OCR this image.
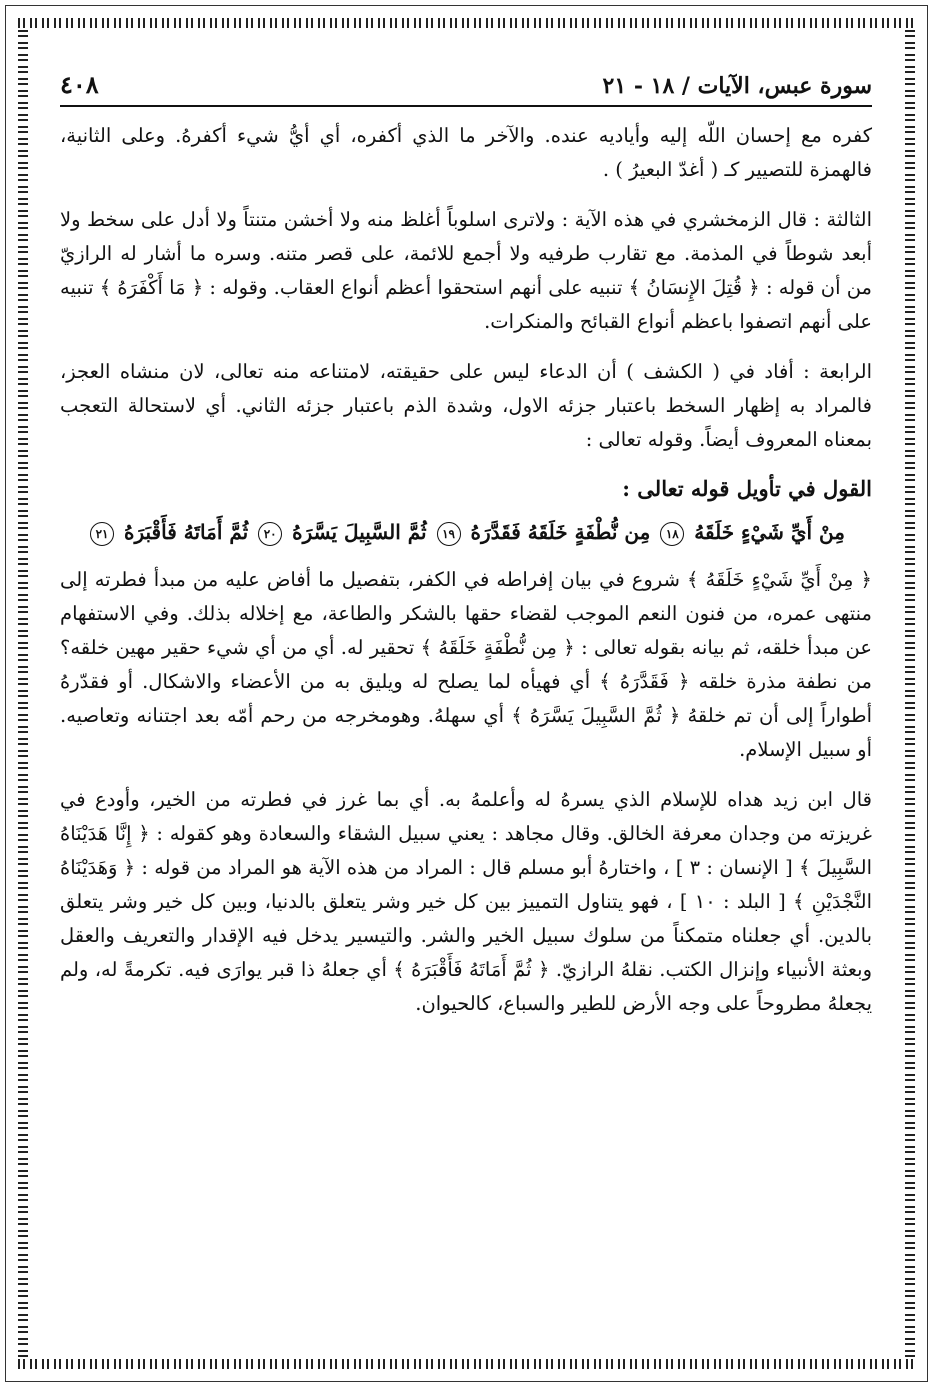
سورة عبس، الآيات / ١٨ - ٢١
٤٠٨

كفره مع إحسان اللّه إليه وأياديه عنده. والآخر ما الذي أكفره، أي أيُّ شيء أكفرهُ. وعلى الثانية، فالهمزة للتصيير كـ ( أغدّ البعيرُ ) .

الثالثة : قال الزمخشري في هذه الآية : ولاترى اسلوباً أغلظ منه ولا أخشن متنتاً ولا أدل على سخط ولا أبعد شوطاً في المذمة. مع تقارب طرفيه ولا أجمع للائمة، على قصر متنه. وسره ما أشار له الرازيّ من أن قوله : ﴿ قُتِلَ الإِنسَانُ ﴾ تنبيه على أنهم استحقوا أعظم أنواع العقاب. وقوله : ﴿ مَا أَكْفَرَهُ ﴾ تنبيه على أنهم اتصفوا باعظم أنواع القبائح والمنكرات.

الرابعة : أفاد في ( الكشف ) أن الدعاء ليس على حقيقته، لامتناعه منه تعالى، لان منشاه العجز، فالمراد به إظهار السخط باعتبار جزئه الاول، وشدة الذم باعتبار جزئه الثاني. أي لاستحالة التعجب بمعناه المعروف أيضاً. وقوله تعالى :

القول في تأويل قوله تعالى :
مِنْ أَيِّ شَيْءٍ خَلَقَهُ ١٨ مِن نُّطْفَةٍ خَلَقَهُ فَقَدَّرَهُ ١٩ ثُمَّ السَّبِيلَ يَسَّرَهُ ٢٠ ثُمَّ أَمَاتَهُ فَأَقْبَرَهُ ٢١

﴿ مِنْ أَيِّ شَيْءٍ خَلَقَهُ ﴾ شروع في بيان إفراطه في الكفر، بتفصيل ما أفاض عليه من مبدأ فطرته إلى منتهى عمره، من فنون النعم الموجب لقضاء حقها بالشكر والطاعة، مع إخلاله بذلك. وفي الاستفهام عن مبدأ خلقه، ثم بيانه بقوله تعالى : ﴿ مِن نُّطْفَةٍ خَلَقَهُ ﴾ تحقير له. أي من أي شيء حقير مهين خلقه؟ من نطفة مذرة خلقه ﴿ فَقَدَّرَهُ ﴾ أي فهيأه لما يصلح له ويليق به من الأعضاء والاشكال. أو فقدّرهُ أطواراً إلى أن تم خلقهُ ﴿ ثُمَّ السَّبِيلَ يَسَّرَهُ ﴾ أي سهلهُ. وهومخرجه من رحم أمّه بعد اجتنانه وتعاصيه. أو سبيل الإسلام.

قال ابن زيد هداه للإسلام الذي يسرهُ له وأعلمهُ به. أي بما غرز في فطرته من الخير، وأودع في غريزته من وجدان معرفة الخالق. وقال مجاهد : يعني سبيل الشقاء والسعادة وهو كقوله : ﴿ إِنَّا هَدَيْنَاهُ السَّبِيلَ ﴾ [ الإنسان : ٣ ] ، واختارهُ أبو مسلم قال : المراد من هذه الآية هو المراد من قوله : ﴿ وَهَدَيْنَاهُ النَّجْدَيْنِ ﴾ [ البلد : ١٠ ] ، فهو يتناول التمييز بين كل خير وشر يتعلق بالدنيا، وبين كل خير وشر يتعلق بالدين. أي جعلناه متمكناً من سلوك سبيل الخير والشر. والتيسير يدخل فيه الإقدار والتعريف والعقل وبعثة الأنبياء وإنزال الكتب. نقلهُ الرازيّ. ﴿ ثُمَّ أَمَاتَهُ فَأَقْبَرَهُ ﴾ أي جعلهُ ذا قبر يوارَى فيه. تكرمةً له، ولم يجعلهُ مطروحاً على وجه الأرض للطير والسباع، كالحيوان.
